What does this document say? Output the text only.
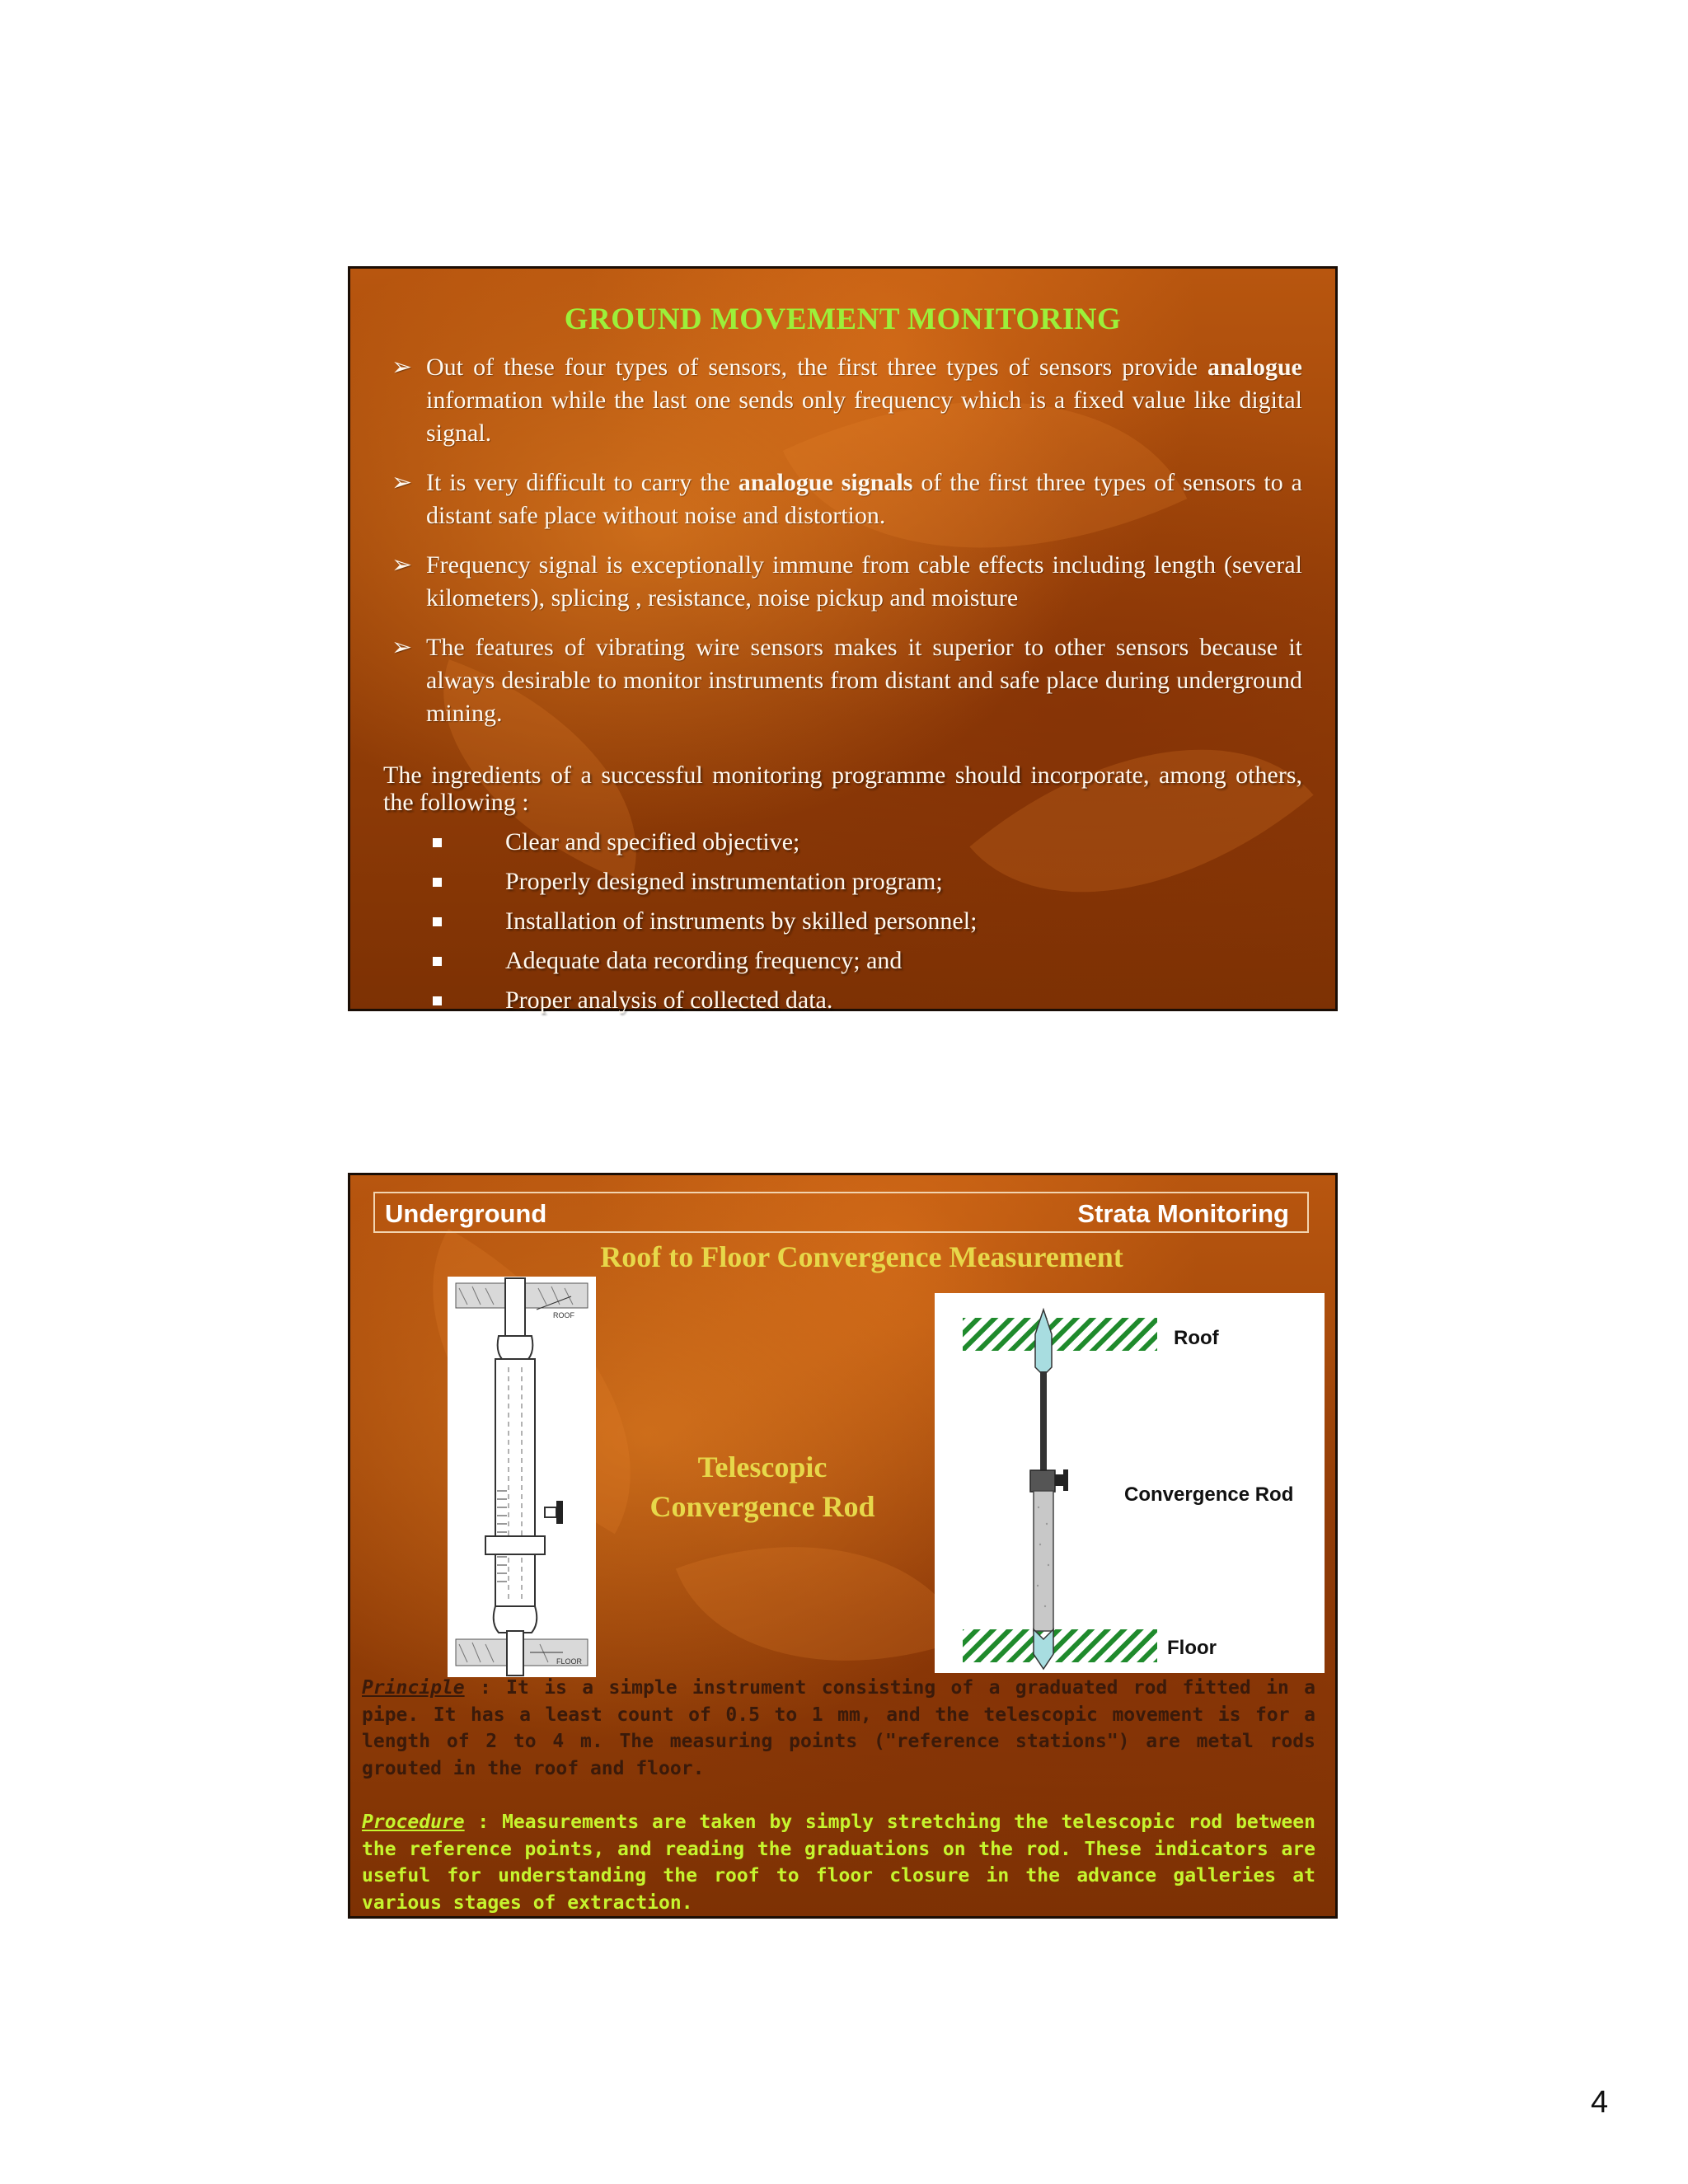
GROUND MOVEMENT MONITORING
➢ Out of these four types of sensors, the first three types of sensors provide analogue information while the last one sends only frequency which is a fixed value like digital signal.
➢ It is very difficult to carry the analogue signals of the first three types of sensors to a distant safe place without noise and distortion.
➢ Frequency signal is exceptionally immune from cable effects including length (several kilometers), splicing , resistance, noise pickup and moisture
➢ The features of vibrating wire sensors makes it superior to other sensors because it always desirable to monitor instruments from distant and safe place during underground mining.
The ingredients of a successful monitoring programme should incorporate, among others, the following :
Clear and specified objective;
Properly designed instrumentation program;
Installation of instruments by skilled personnel;
Adequate data recording frequency; and
Proper analysis of collected data.
Underground	Strata Monitoring
Roof to Floor Convergence Measurement
ROOF
FLOOR
Telescopic
Convergence Rod
Roof
Convergence Rod
Floor
Principle : It is a simple instrument consisting of a graduated rod fitted in a pipe. It has a least count of 0.5 to 1 mm, and the telescopic movement is for a length of 2 to 4 m. The measuring points ("reference stations") are metal rods grouted in the roof and floor.
Procedure : Measurements are taken by simply stretching the telescopic rod between the reference points, and reading the graduations on the rod. These indicators are useful for understanding the roof to floor closure in the advance galleries at various stages of extraction.
4
